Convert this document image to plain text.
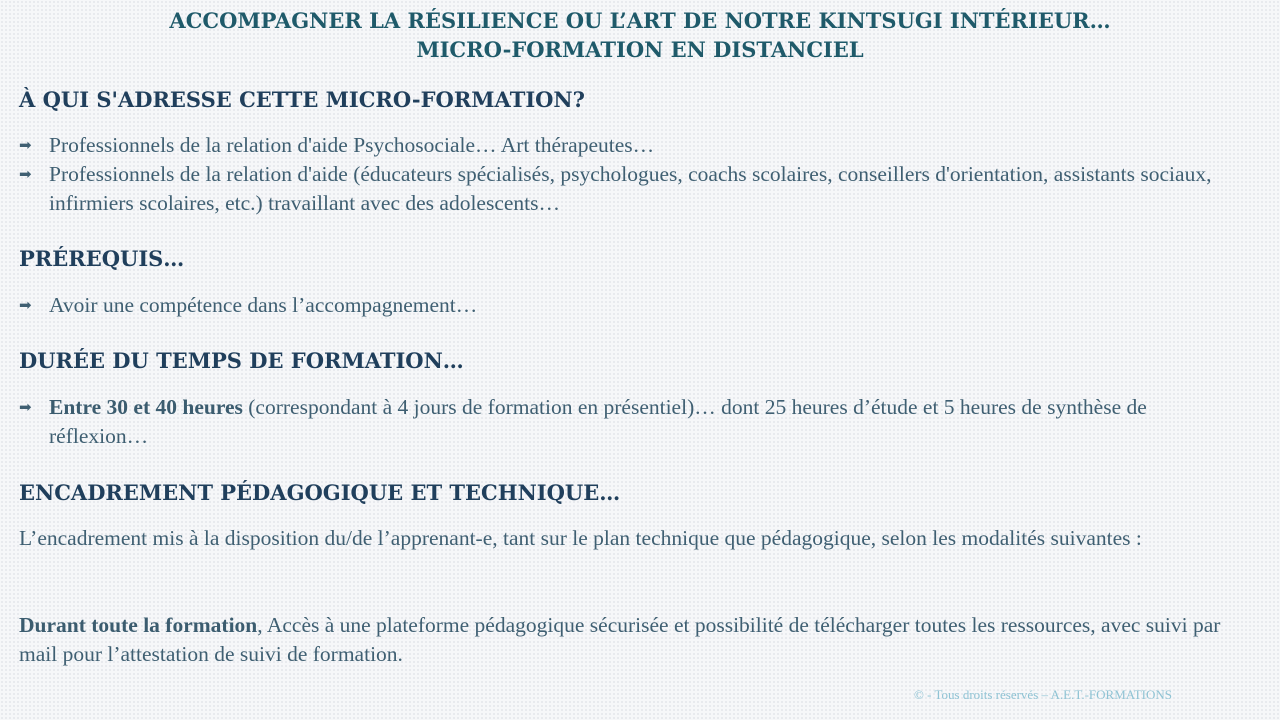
ACCOMPAGNER LA RÉSILIENCE OU L’ART DE NOTRE KINTSUGI INTÉRIEUR…
MICRO-FORMATION EN DISTANCIEL
À QUI S'ADRESSE CETTE MICRO-FORMATION?
➡ Professionnels de la relation d'aide Psychosociale… Art thérapeutes…
➡ Professionnels de la relation d'aide (éducateurs spécialisés, psychologues, coachs scolaires, conseillers d'orientation, assistants sociaux, infirmiers scolaires, etc.) travaillant avec des adolescents…
PRÉREQUIS…
➡ Avoir une compétence dans l’accompagnement…
DURÉE DU TEMPS DE FORMATION…
➡ Entre 30 et 40 heures (correspondant à 4 jours de formation en présentiel)… dont 25 heures d’étude et 5 heures de synthèse de réflexion…
ENCADREMENT PÉDAGOGIQUE ET TECHNIQUE…
L’encadrement mis à la disposition du/de l’apprenant-e, tant sur le plan technique que pédagogique, selon les modalités suivantes :
Durant toute la formation, Accès à une plateforme pédagogique sécurisée et possibilité de télécharger toutes les ressources, avec suivi par mail pour l’attestation de suivi de formation.
© - Tous droits réservés – A.E.T.-FORMATIONS
